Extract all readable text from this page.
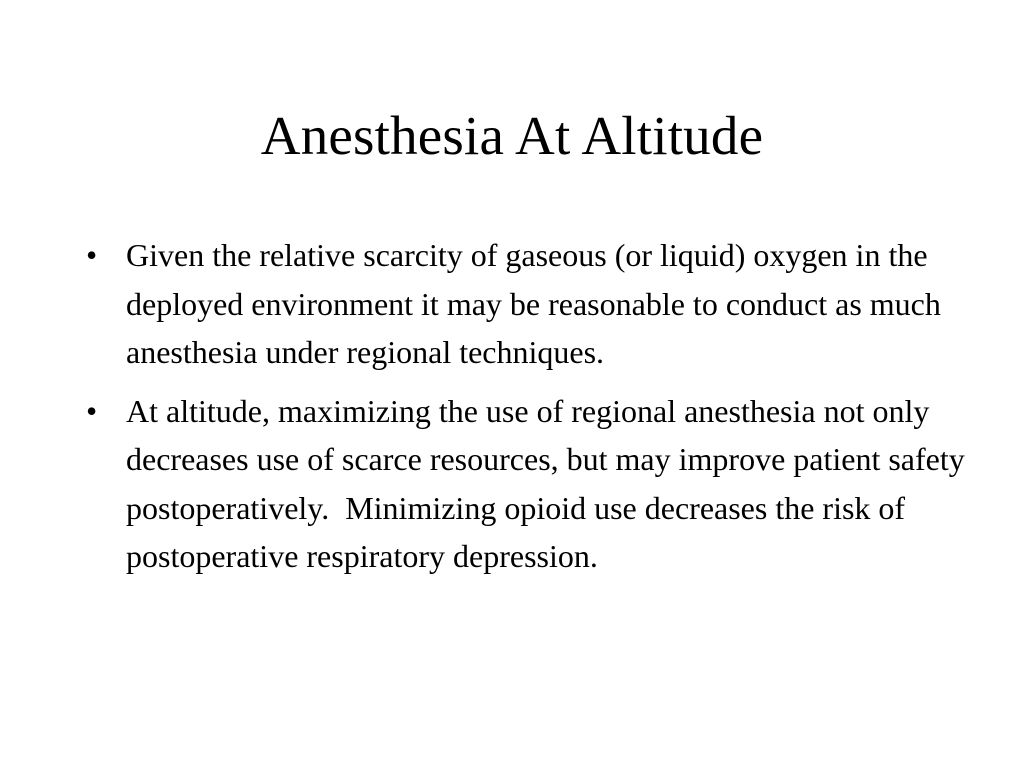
Anesthesia At Altitude
• Given the relative scarcity of gaseous (or liquid) oxygen in the deployed environment it may be reasonable to conduct as much anesthesia under regional techniques.
• At altitude, maximizing the use of regional anesthesia not only decreases use of scarce resources, but may improve patient safety postoperatively.  Minimizing opioid use decreases the risk of postoperative respiratory depression.
